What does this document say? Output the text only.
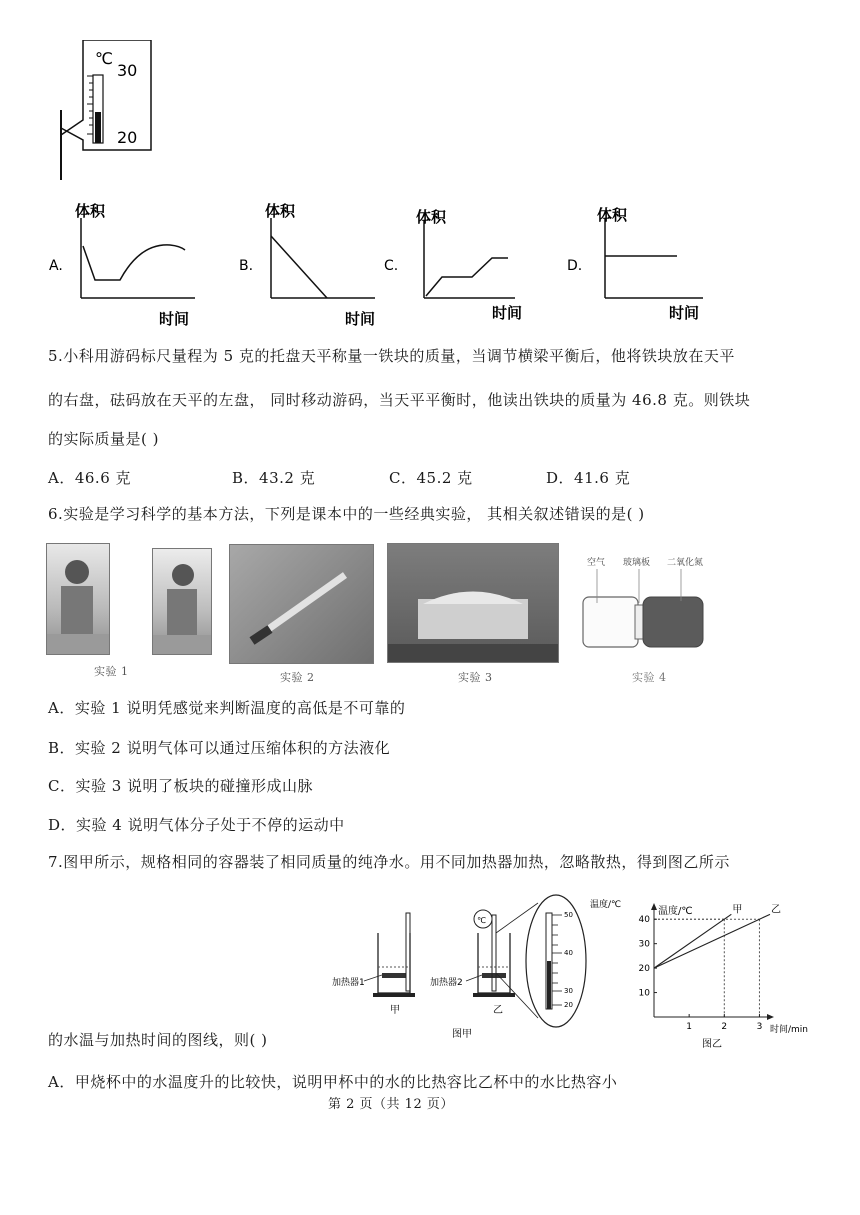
℃
30
20
A.
体积
时间
B.
体积
时间
C.
体积
时间
D.
体积
时间
5.小科用游码标尺量程为 5 克的托盘天平称量一铁块的质量，当调节横梁平衡后，他将铁块放在天平
的右盘，砝码放在天平的左盘， 同时移动游码，当天平平衡时，他读出铁块的质量为 46.8 克。则铁块
的实际质量是( )
A．46.6 克	B．43.2 克	C．45.2 克	D．41.6 克
6.实验是学习科学的基本方法，下列是课本中的一些经典实验， 其相关叙述错误的是( )
实验 1	实验 2	实验 3
空气 玻璃板 二氧化氮
实验 4
A．实验 1 说明凭感觉来判断温度的高低是不可靠的
B．实验 2 说明气体可以通过压缩体积的方法液化
C．实验 3 说明了板块的碰撞形成山脉
D．实验 4 说明气体分子处于不停的运动中
7.图甲所示，规格相同的容器装了相同质量的纯净水。用不同加热器加热，忽略散热，得到图乙所示
加热器1
甲
加热器2
乙
℃
温度/℃
50
40
30
20
图甲
温度/℃
时间/min
图乙
10
20
30
40
1	2	3
甲	乙
的水温与加热时间的图线，则( )
A．甲烧杯中的水温度升的比较快，说明甲杯中的水的比热容比乙杯中的水比热容小
第 2 页（共 12 页）
